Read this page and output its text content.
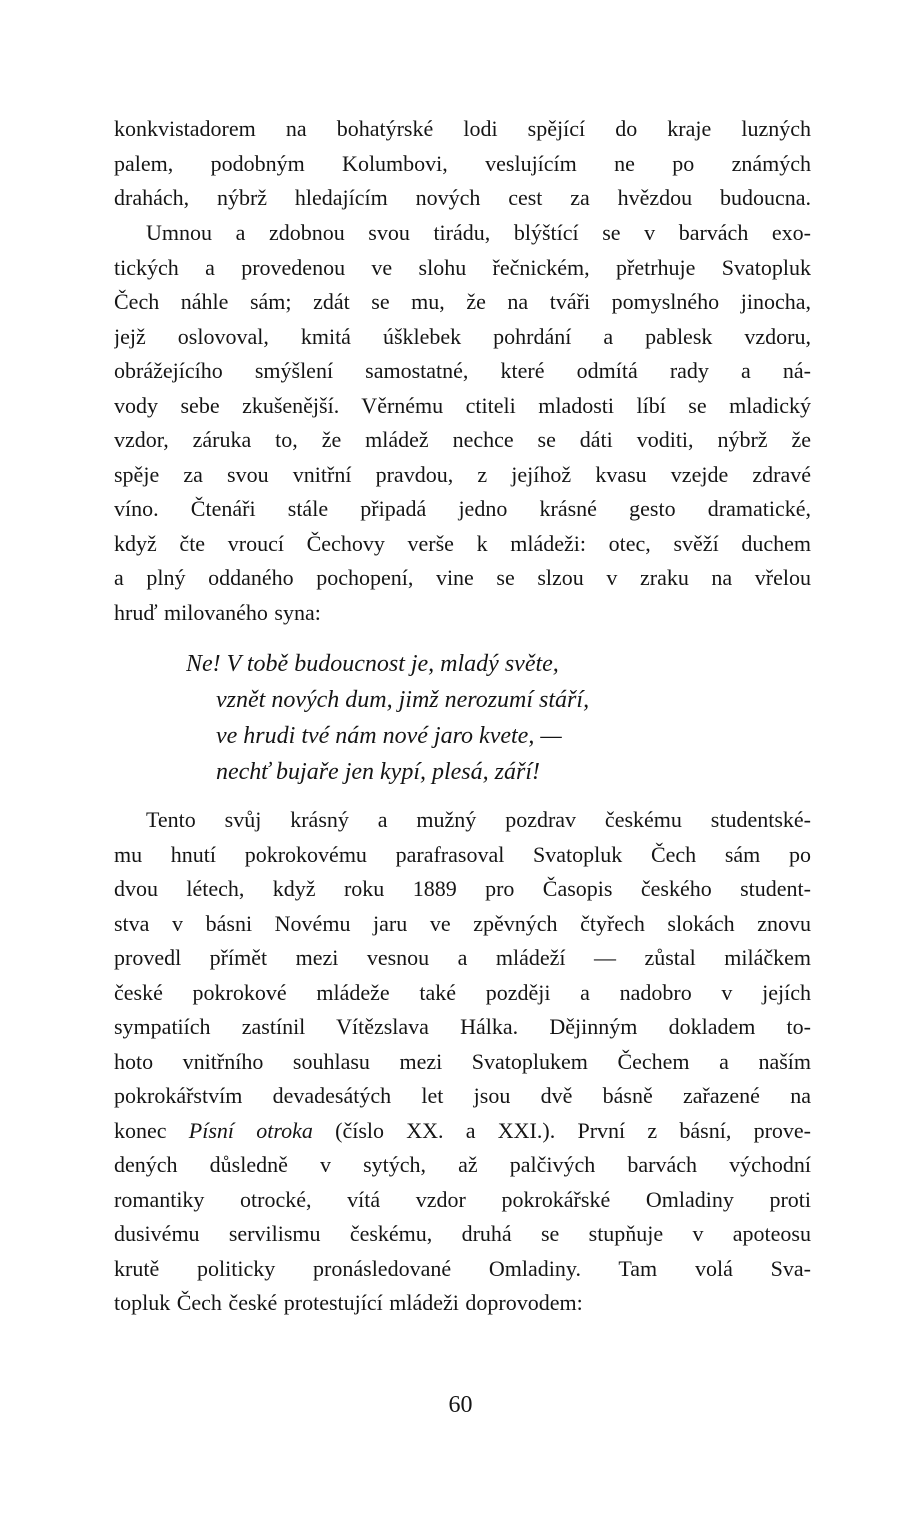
konkvistadorem na bohatýrské lodi spějící do kraje luzných
palem, podobným Kolumbovi, veslujícím ne po známých
drahách, nýbrž hledajícím nových cest za hvězdou budoucna.
Umnou a zdobnou svou tirádu, blýštící se v barvách exo-
tických a provedenou ve slohu řečnickém, přetrhuje Svatopluk
Čech náhle sám; zdát se mu, že na tváři pomyslného jinocha,
jejž oslovoval, kmitá úšklebek pohrdání a pablesk vzdoru,
obrážejícího smýšlení samostatné, které odmítá rady a ná-
vody sebe zkušenější. Věrnému ctiteli mladosti líbí se mladický
vzdor, záruka to, že mládež nechce se dáti voditi, nýbrž že
spěje za svou vnitřní pravdou, z jejíhož kvasu vzejde zdravé
víno. Čtenáři stále připadá jedno krásné gesto dramatické,
když čte vroucí Čechovy verše k mládeži: otec, svěží duchem
a plný oddaného pochopení, vine se slzou v zraku na vřelou
hruď milovaného syna:
Ne! V tobě budoucnost je, mladý světe,
vznět nových dum, jimž nerozumí stáří,
ve hrudi tvé nám nové jaro kvete, —
nechť bujaře jen kypí, plesá, září!
Tento svůj krásný a mužný pozdrav českému studentské-
mu hnutí pokrokovému parafrasoval Svatopluk Čech sám po
dvou létech, když roku 1889 pro Časopis českého student-
stva v básni Novému jaru ve zpěvných čtyřech slokách znovu
provedl přímět mezi vesnou a mládeží — zůstal miláčkem
české pokrokové mládeže také později a nadobro v jejích
sympatiích zastínil Vítězslava Hálka. Dějinným dokladem to-
hoto vnitřního souhlasu mezi Svatoplukem Čechem a naším
pokrokářstvím devadesátých let jsou dvě básně zařazené na
konec Písní otroka (číslo XX. a XXI.). První z básní, prove-
dených důsledně v sytých, až palčivých barvách východní
romantiky otrocké, vítá vzdor pokrokářské Omladiny proti
dusivému servilismu českému, druhá se stupňuje v apoteosu
krutě politicky pronásledované Omladiny. Tam volá Sva-
topluk Čech české protestující mládeži doprovodem:
60
